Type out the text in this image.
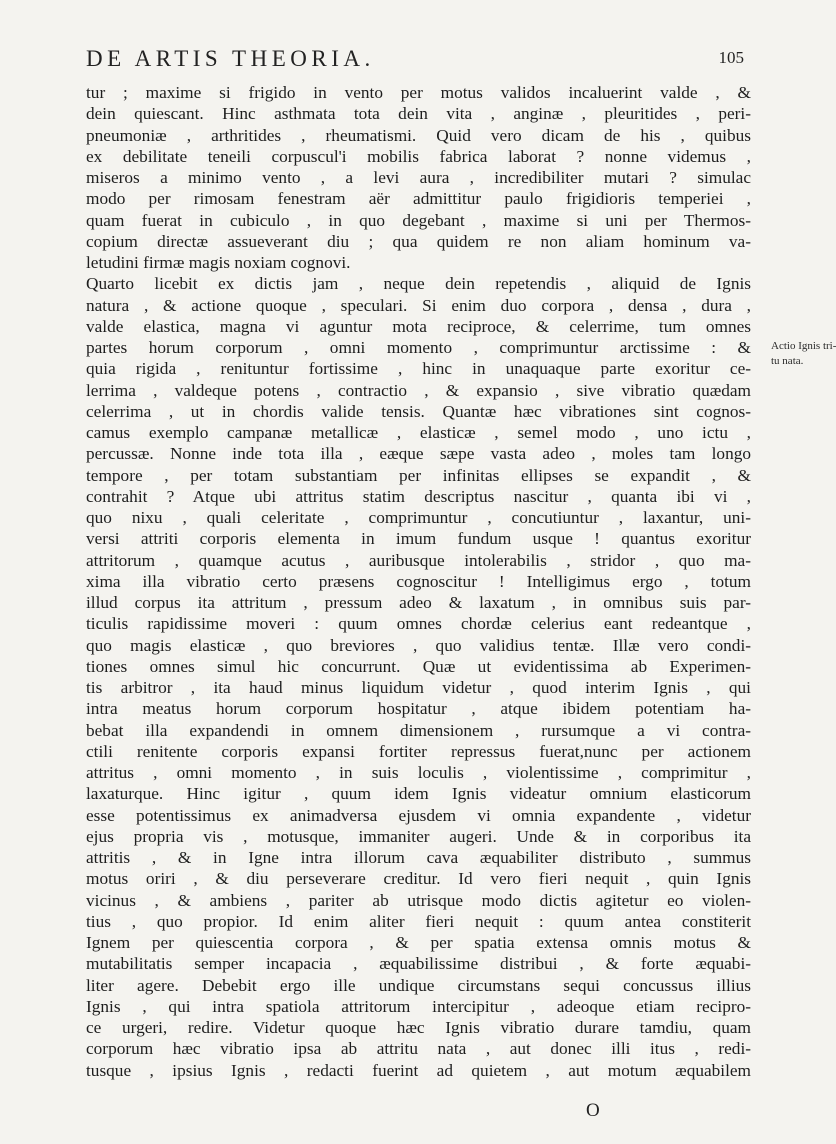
DE ARTIS THEORIA.	105
tur ; maxime si frigido in vento per motus validos incaluerint valde , &
dein quiescant. Hinc asthmata tota dein vita , anginæ , pleuritides , peri-
pneumoniæ , arthritides , rheumatismi. Quid vero dicam de his , quibus
ex debilitate teneili corpuscul'i mobilis fabrica laborat ? nonne videmus ,
miseros a minimo vento , a levi aura , incredibiliter mutari ? simulac
modo per rimosam fenestram aër admittitur paulo frigidioris temperiei ,
quam fuerat in cubiculo , in quo degebant , maxime si uni per Thermos-
copium directæ assueverant diu ; qua quidem re non aliam hominum va-
letudini firmæ magis noxiam cognovi.
Quarto licebit ex dictis jam , neque dein repetendis , aliquid de Ignis
natura , & actione quoque , speculari. Si enim duo corpora , densa , dura ,
valde elastica, magna vi aguntur mota reciproce, & celerrime, tum omnes
partes horum corporum , omni momento , comprimuntur arctissime : &
quia rigida , renituntur fortissime , hinc in unaquaque parte exoritur ce-
lerrima , valdeque potens , contractio , & expansio , sive vibratio quædam
celerrima , ut in chordis valide tensis. Quantæ hæc vibrationes sint cognos-
camus exemplo campanæ metallicæ , elasticæ , semel modo , uno ictu ,
percussæ. Nonne inde tota illa , eæque sæpe vasta adeo , moles tam longo
tempore , per totam substantiam per infinitas ellipses se expandit , &
contrahit ? Atque ubi attritus statim descriptus nascitur , quanta ibi vi ,
quo nixu , quali celeritate , comprimuntur , concutiuntur , laxantur, uni-
versi attriti corporis elementa in imum fundum usque ! quantus exoritur
attritorum , quamque acutus , auribusque intolerabilis , stridor , quo ma-
xima illa vibratio certo præsens cognoscitur ! Intelligimus ergo , totum
illud corpus ita attritum , pressum adeo & laxatum , in omnibus suis par-
ticulis rapidissime moveri : quum omnes chordæ celerius eant redeantque ,
quo magis elasticæ , quo breviores , quo validius tentæ. Illæ vero condi-
tiones omnes simul hic concurrunt. Quæ ut evidentissima ab Experimen-
tis arbitror , ita haud minus liquidum videtur , quod interim Ignis , qui
intra meatus horum corporum hospitatur , atque ibidem potentiam ha-
bebat illa expandendi in omnem dimensionem , rursumque a vi contra-
ctili renitente corporis expansi fortiter repressus fuerat,nunc per actionem
attritus , omni momento , in suis loculis , violentissime , comprimitur ,
laxaturque. Hinc igitur , quum idem Ignis videatur omnium elasticorum
esse potentissimus ex animadversa ejusdem vi omnia expandente , videtur
ejus propria vis , motusque, immaniter augeri. Unde & in corporibus ita
attritis , & in Igne intra illorum cava æquabiliter distributo , summus
motus oriri , & diu perseverare creditur. Id vero fieri nequit , quin Ignis
vicinus , & ambiens , pariter ab utrisque modo dictis agitetur eo violen-
tius , quo propior. Id enim aliter fieri nequit : quum antea constiterit
Ignem per quiescentia corpora , & per spatia extensa omnis motus &
mutabilitatis semper incapacia , æquabilissime distribui , & forte æquabi-
liter agere. Debebit ergo ille undique circumstans sequi concussus illius
Ignis , qui intra spatiola attritorum intercipitur , adeoque etiam recipro-
ce urgeri, redire. Videtur quoque hæc Ignis vibratio durare tamdiu, quam
corporum hæc vibratio ipsa ab attritu nata , aut donec illi itus , redi-
tusque , ipsius Ignis , redacti fuerint ad quietem , aut motum æquabilem
Actio Ignis tri-
tu nata.
O
